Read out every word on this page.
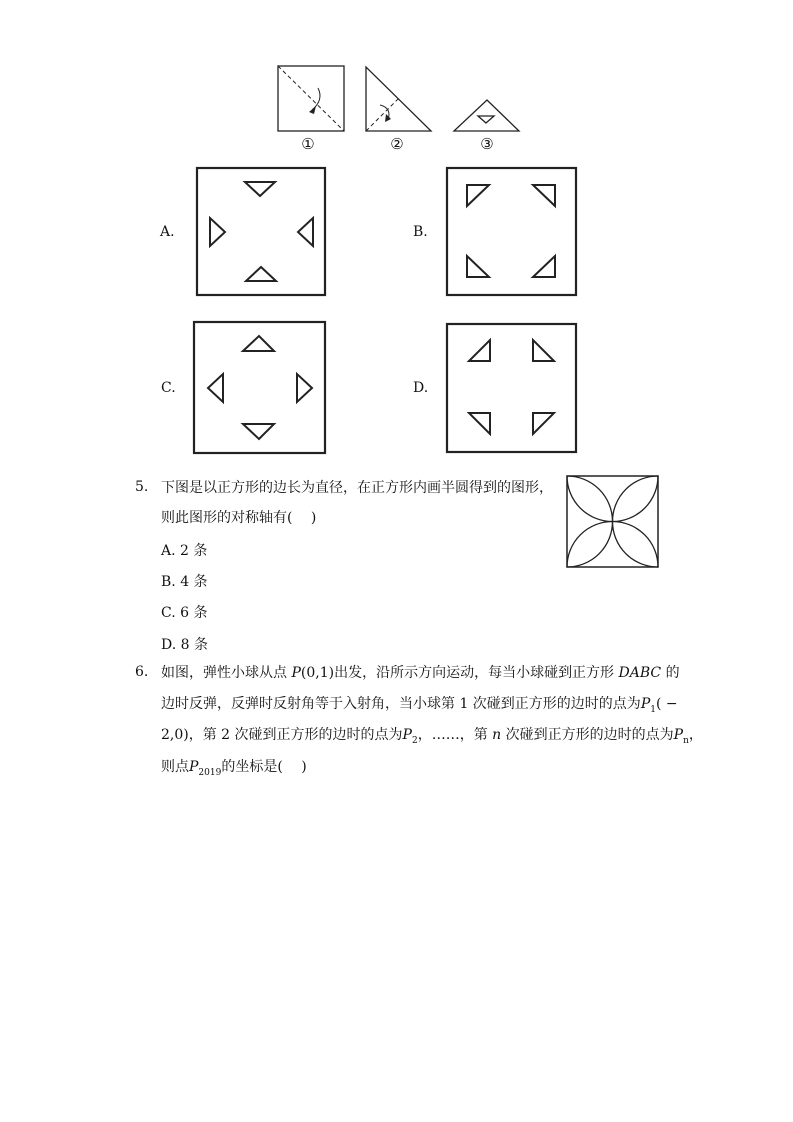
①	②	③
A.	B.
C.	D.
5. 下图是以正方形的边长为直径，在正方形内画半圆得到的图形，
则此图形的对称轴有(　 )
A. 2 条
B. 4 条
C. 6 条
D. 8 条
6. 如图，弹性小球从点 P(0,1)出发，沿所示方向运动，每当小球碰到正方形 DABC 的
边时反弹，反弹时反射角等于入射角，当小球第 1 次碰到正方形的边时的点为$P_1$( −
2,0)，第 2 次碰到正方形的边时的点为$P_2$，……，第 n 次碰到正方形的边时的点为$P_n$，
则点$P_{2019}$的坐标是(　 )
